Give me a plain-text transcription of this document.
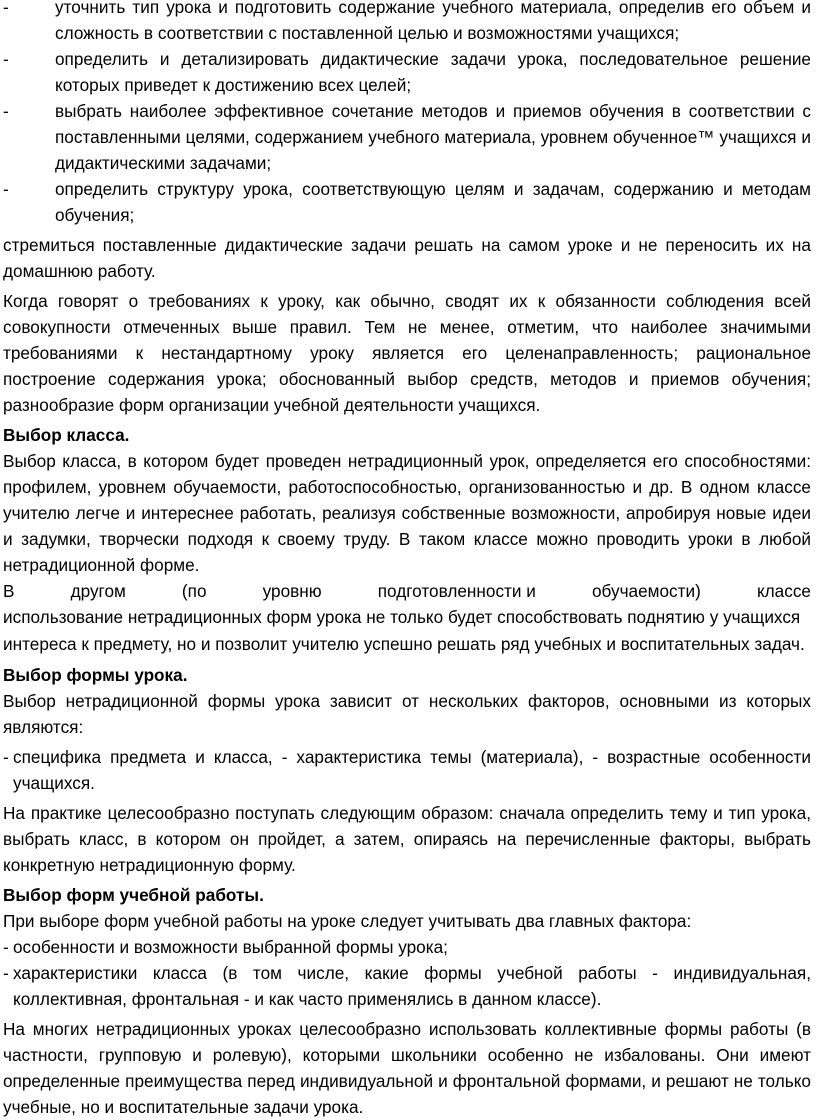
-	уточнить тип урока и подготовить содержание учебного материала, определив его объем и сложность в соответствии с поставленной целью и возможностями учащихся;
-	определить и детализировать дидактические задачи урока, последовательное решение которых приведет к достижению всех целей;
-	выбрать наиболее эффективное сочетание методов и приемов обучения в соответствии с поставленными целями, содержанием учебного материала, уровнем обученное™ учащихся и дидактическими задачами;
-	определить структуру урока, соответствующую целям и задачам, содержанию и методам обучения;

стремиться поставленные дидактические задачи решать на самом уроке и не переносить их на домашнюю работу.

Когда говорят о требованиях к уроку, как обычно, сводят их к обязанности соблюдения всей совокупности отмеченных выше правил. Тем не менее, отметим, что наиболее значимыми требованиями к нестандартному уроку является его целенаправленность; рациональное построение содержания урока; обоснованный выбор средств, методов и приемов обучения; разнообразие форм организации учебной деятельности учащихся.

Выбор класса.

Выбор класса, в котором будет проведен нетрадиционный урок, определяется его способностями: профилем, уровнем обучаемости, работоспособностью, организованностью и др. В одном классе учителю легче и интереснее работать, реализуя собственные возможности, апробируя новые идеи и задумки, творчески подходя к своему труду. В таком классе можно проводить уроки в любой нетрадиционной форме.

В	другом	(по	уровню	подготовленности и	обучаемости)	классе

использование нетрадиционных форм урока не только будет способствовать поднятию у учащихся интереса к предмету, но и позволит учителю успешно решать ряд учебных и воспитательных задач.

Выбор формы урока.

Выбор нетрадиционной формы урока зависит от нескольких факторов, основными из которых являются:

- специфика предмета и класса, - характеристика темы (материала), - возрастные особенности учащихся.

На практике целесообразно поступать следующим образом: сначала определить тему и тип урока, выбрать класс, в котором он пройдет, а затем, опираясь на перечисленные факторы, выбрать конкретную нетрадиционную форму.

Выбор форм учебной работы.

При выборе форм учебной работы на уроке следует учитывать два главных фактора:

- особенности и возможности выбранной формы урока;
- характеристики класса (в том числе, какие формы учебной работы - индивидуальная, коллективная, фронтальная - и как часто применялись в данном классе).

На многих нетрадиционных уроках целесообразно использовать коллективные формы работы (в частности, групповую и ролевую), которыми школьники особенно не избалованы. Они имеют определенные преимущества перед индивидуальной и фронтальной формами, и решают не только учебные, но и воспитательные задачи урока.
